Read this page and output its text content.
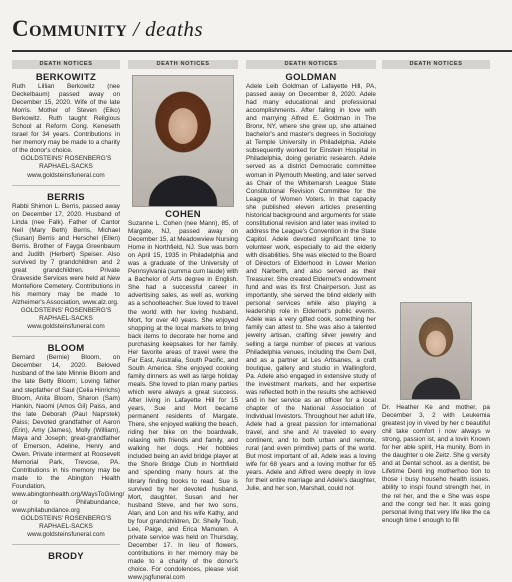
Community / deaths
DEATH NOTICES
BERKOWITZ
Ruth Lillian Berkowitz (nee Deckelbaum) passed away on December 15, 2020. Wife of the late Morris. Mother of Steven (Eiko) Berkowitz. Ruth taught Religious School at Reform Cong. Keneseth Israel for 34 years. Contributions in her memory may be made to a charity of the donor's choice.
GOLDSTEINS' ROSENBERG'S RAPHAEL-SACKS
www.goldsteinsfuneral.com
BERRIS
Rabbi Shimon L. Berris, passed away on December 17, 2020. Husband of Linda (nee Falk). Father of Cantor Neil (Mary Beth) Berris, Michael (Susan) Berris and Herschel (Ellen) Berris. Brother of Fayga Greenbaum and Judith (Herbert) Speiser. Also survived by 7 grandchildren and 2 great grandchildren. Private Graveside Services were held at New Montefiore Cemetery. Contributions in his memory may be made to Alzheimer's Association, www.alz.org.
GOLDSTEINS' ROSENBERG'S RAPHAEL-SACKS
www.goldsteinsfuneral.com
BLOOM
Bernard (Bernie) Bloom, on December 14, 2020. Beloved husband of the late Minnie Bloom and the late Betty Bloom; Loving father and stepfather of Saul (Celia Hinrichs) Bloom, Anita Bloom, Sharon (Sam) Hankin, Naomi (Amos Gil) Paiss, and the late Deborah (Paul Naprstek) Paiss; Devoted grandfather of Aaron (Erin), Amy (James), Molly (William), Maya and Joseph; great-grandfather of Emerson, Adeline, Henry and Owen. Private interment at Roosevelt Memorial Park, Trevose, PA. Contributions in his memory may be made to the Abington Health Foundation, www.abingtonhealth.org/WaysToGiving/ or to Philabundance, www.philabundance.org
GOLDSTEINS' ROSENBERG'S RAPHAEL-SACKS
www.goldsteinsfuneral.com
BRODY
DEATH NOTICES
COHEN
Suzanne L. Cohen (nee Mann), 85, of Margate, NJ, passed away on December 15, at Meadowview Nursing Home in Northfield, NJ. Sue was born on April 15, 1935 in Philadelphia and was a graduate of the University of Pennsylvania (summa cum laude) with a Bachelor of Arts degree in English. She had a successful career in advertising sales, as well as, working as a schoolteacher. Sue loved to travel the world with her loving husband, Mort, for over 40 years. She enjoyed shopping at the local markets to bring back items to decorate her home and purchasing keepsakes for her family. Her favorite areas of travel were the Far East, Australia, South Pacific, and South America. She enjoyed cooking family dinners as well as large holiday meals. She loved to plan many parties which were always a great success. After living in Lafayette Hill for 15 years, Sue and Mort became permanent residents of Margate. There, she enjoyed walking the beach, riding her bike on the boardwalk, relaxing with friends and family, and walking her dogs. Her hobbies included being an avid bridge player at the Shore Bridge Club in Northfield and spending many hours at the library finding books to read. Sue is survived by her devoted husband, Mort, daughter, Susan and her husband Steve, and her two sons, Alan, and Lon and his wife Kathy, and by four grandchildren, Dr. Shelly Toub, Lee, Paige, and Erica Mamolen. A private service was held on Thursday, December 17. In lieu of flowers, contributions in her memory may be made to a charity of the donor's choice. For condolences, please visit www.jsgfuneral.com
DEATH NOTICES
GOLDMAN
Adele Leib Goldman of Lafayette Hill, PA, passed away on December 8, 2020. Adele had many educational and professional accomplishments. After falling in love with and marrying Alfred E. Goldman in The Bronx, NY, where she grew up, she attained bachelor's and master's degrees in Sociology at Temple University in Philadelphia. Adele subsequently worked for Einstein Hospital in Philadelphia, doing geriatric research. Adele served as a district Democratic committee woman in Plymouth Meeting, and later served as Chair of the Whitemarsh League State Constitutional Revision Committee for the League of Women Voters. In that capacity she published eleven articles presenting historical background and arguments for state constitutional revision and later was invited to address the League's Convention in the State Capitol. Adele devoted significant time to volunteer work, especially to aid the elderly with disabilities. She was elected to the Board of Directors of Elderhood in Lower Merion and Narberth, and also served as their Treasurer. She created Eldernet's endowment fund and was its first Chairperson. Just as importantly, she served the blind elderly with personal services while also playing a leadership role in Eldernet's public events. Adele was a very gifted cook, something her family can attest to. She was also a talented jewelry artisan, crafting silver jewelry and selling a large number of pieces at various Philadelphia venues, including the Gem Dell, and as a partner at Les Artisanes, a craft boutique, gallery and studio in Wallingford, Pa. Adele also engaged in extensive study of the investment markets, and her expertise was reflected both in the results she achieved and in her service as an officer for a local chapter of the National Association of Individual Investors. Throughout her adult life, Adele had a great passion for international travel, and she and Al traveled to every continent, and to both urban and remote, rural (and even primitive) parts of the world. But most important of all, Adele was a loving wife for 68 years and a loving mother for 65 years. Adele and Alfred were deeply in love for their entire marriage and Adele's daughter, Julie, and her son, Marshall, could not
DEATH NOTICES
Dr. Heather Ke and mother, pa December 3, 2 with Leukemia greatest joy in vived by her c beautiful chil take comfort i now always w strong, passion ist, and a lovin Known for her able spirit, Ha munity. Born in the daughter o ole Zeitz. She g versity and at Dental school. as a dentist, be Lifetime Denti ing motherhoo tion to those i busy househo health issues. ability to inspi found strength her, in the rel her, and the e She was espe and the congr ted her. It was going personal living that very life like the ca enough time t enough to fill
